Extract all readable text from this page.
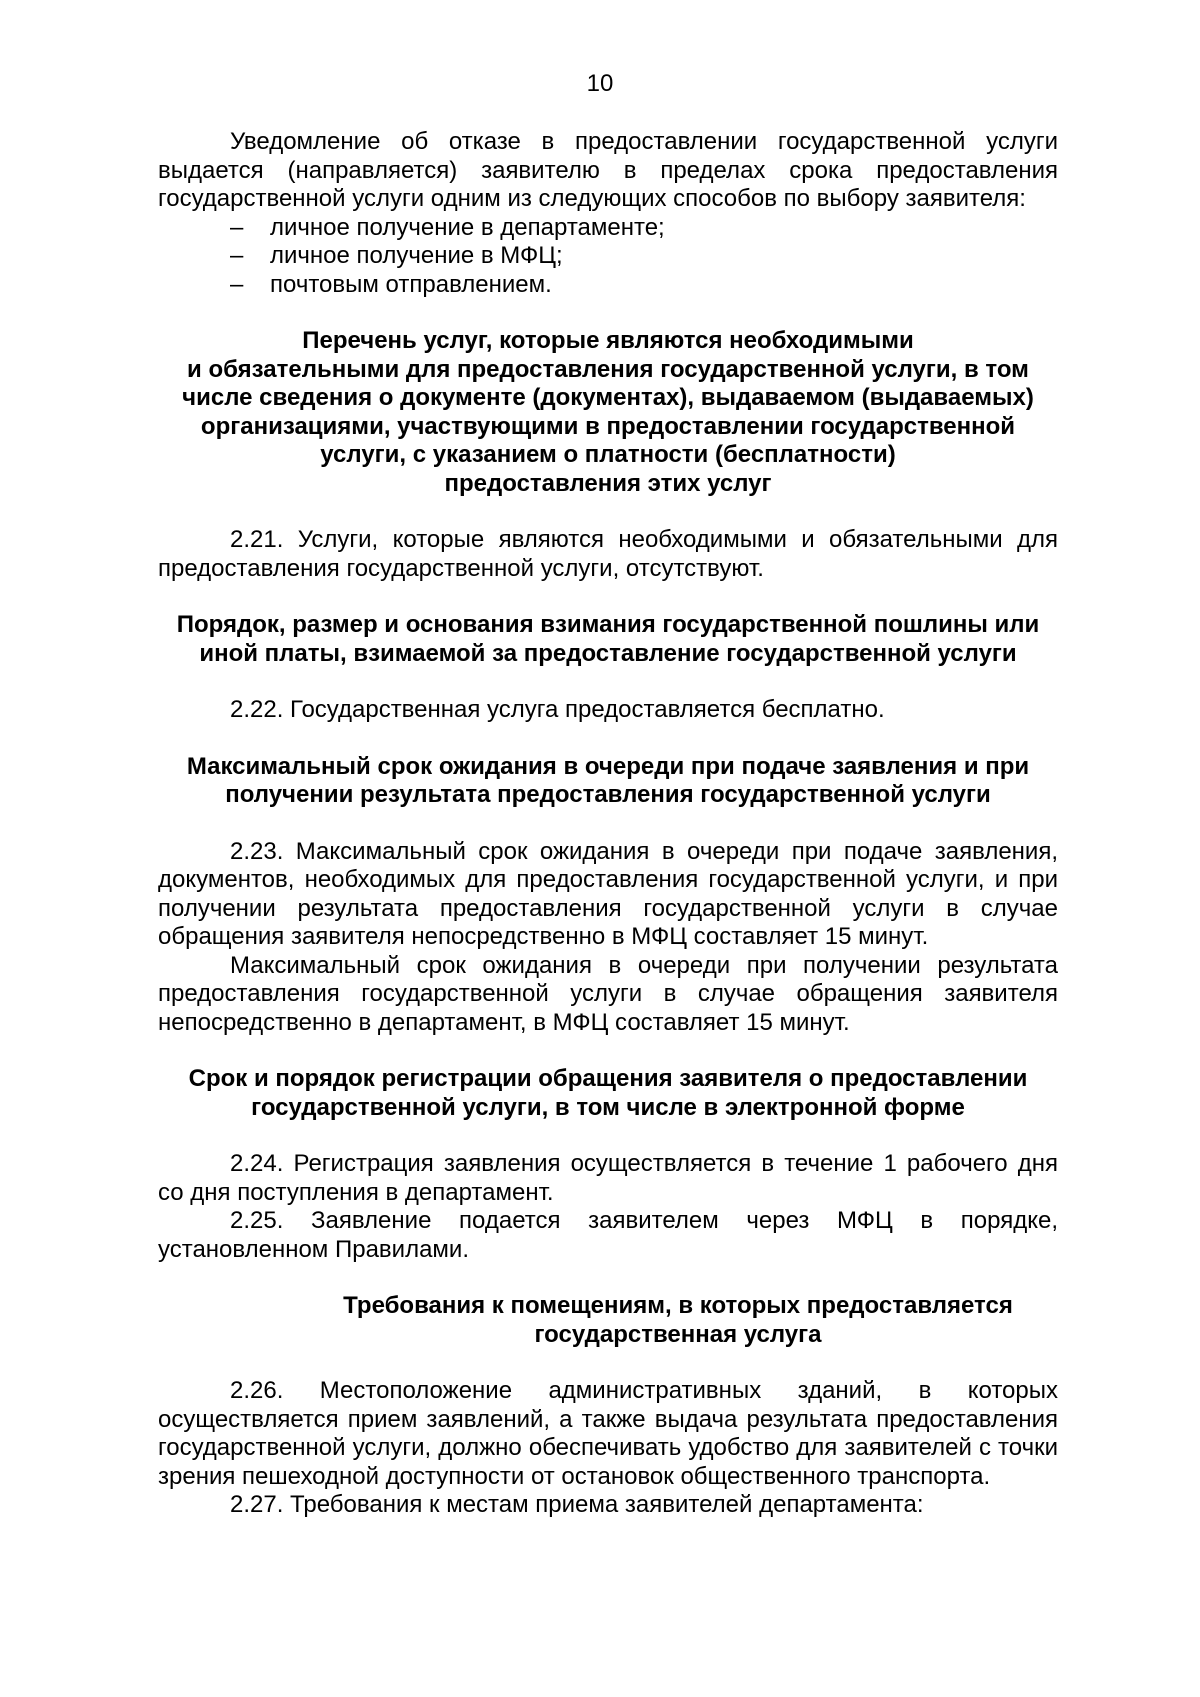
10

Уведомление об отказе в предоставлении государственной услуги выдается (направляется) заявителю в пределах срока предоставления государственной услуги одним из следующих способов по выбору заявителя:

– личное получение в департаменте;

– личное получение в МФЦ;

– почтовым отправлением.

Перечень услуг, которые являются необходимыми
и обязательными для предоставления государственной услуги, в том
числе сведения о документе (документах), выдаваемом (выдаваемых)
организациями, участвующими в предоставлении государственной
услуги, с указанием о платности (бесплатности)
предоставления этих услуг

2.21. Услуги, которые являются необходимыми и обязательными для предоставления государственной услуги, отсутствуют.

Порядок, размер и основания взимания государственной пошлины или
иной платы, взимаемой за предоставление государственной услуги

2.22. Государственная услуга предоставляется бесплатно.

Максимальный срок ожидания в очереди при подаче заявления и при
получении результата предоставления государственной услуги

2.23. Максимальный срок ожидания в очереди при подаче заявления, документов, необходимых для предоставления государственной услуги, и при получении результата предоставления государственной услуги в случае обращения заявителя непосредственно в МФЦ составляет 15 минут.

Максимальный срок ожидания в очереди при получении результата предоставления государственной услуги в случае обращения заявителя непосредственно в департамент, в МФЦ составляет 15 минут.

Срок и порядок регистрации обращения заявителя о предоставлении
государственной услуги, в том числе в электронной форме

2.24. Регистрация заявления осуществляется в течение 1 рабочего дня со дня поступления в департамент.

2.25. Заявление подается заявителем через МФЦ в порядке, установленном Правилами.

Требования к помещениям, в которых предоставляется
государственная услуга

2.26. Местоположение административных зданий, в которых осуществляется прием заявлений, а также выдача результата предоставления государственной услуги, должно обеспечивать удобство для заявителей с точки зрения пешеходной доступности от остановок общественного транспорта.

2.27. Требования к местам приема заявителей департамента:
